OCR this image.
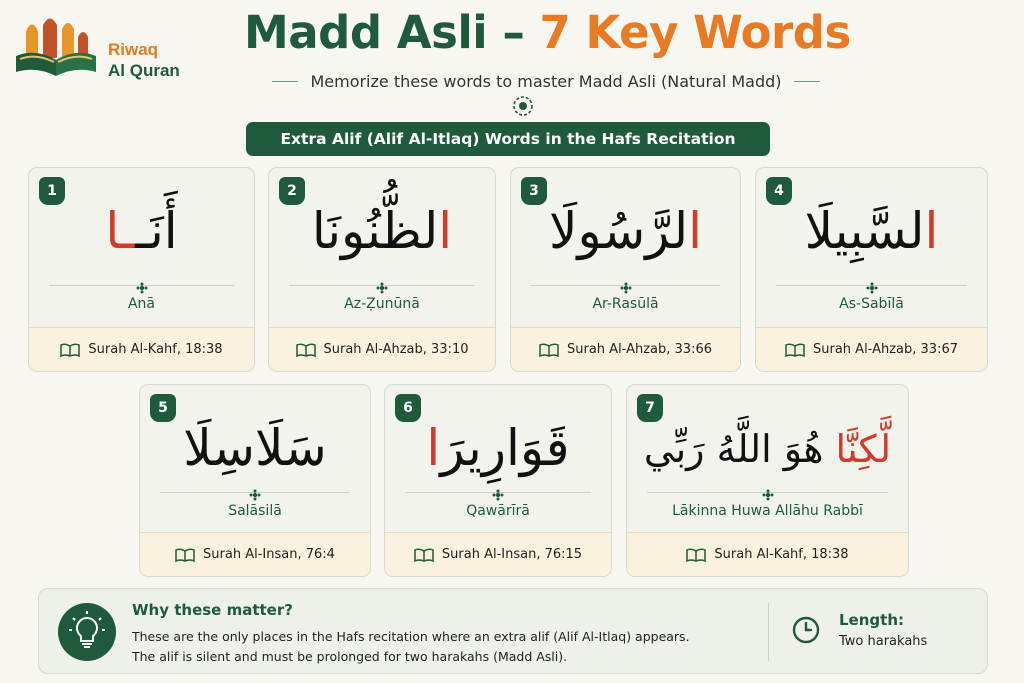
Riwaq
Al Quran
Madd Asli – 7 Key Words
Memorize these words to master Madd Asli (Natural Madd)
Extra Alif (Alif Al-Itlaq) Words in the Hafs Recitation
1
أَنَــا
Anā
Surah Al-Kahf, 18:38
2
الظُّنُونَا
Az-Ẓunūnā
Surah Al-Ahzab, 33:10
3
الرَّسُولَا
Ar-Rasūlā
Surah Al-Ahzab, 33:66
4
السَّبِيلَا
As-Sabīlā
Surah Al-Ahzab, 33:67
5
سَلَاسِلَا
Salāsilā
Surah Al-Insan, 76:4
6
قَوَارِيرَا
Qawārīrā
Surah Al-Insan, 76:15
7
لَّكِنَّا هُوَ اللَّهُ رَبِّي
Lākinna Huwa Allāhu Rabbī
Surah Al-Kahf, 18:38
Why these matter?
These are the only places in the Hafs recitation where an extra alif (Alif Al-Itlaq) appears.
The alif is silent and must be prolonged for two harakahs (Madd Asli).
Length:
Two harakahs
